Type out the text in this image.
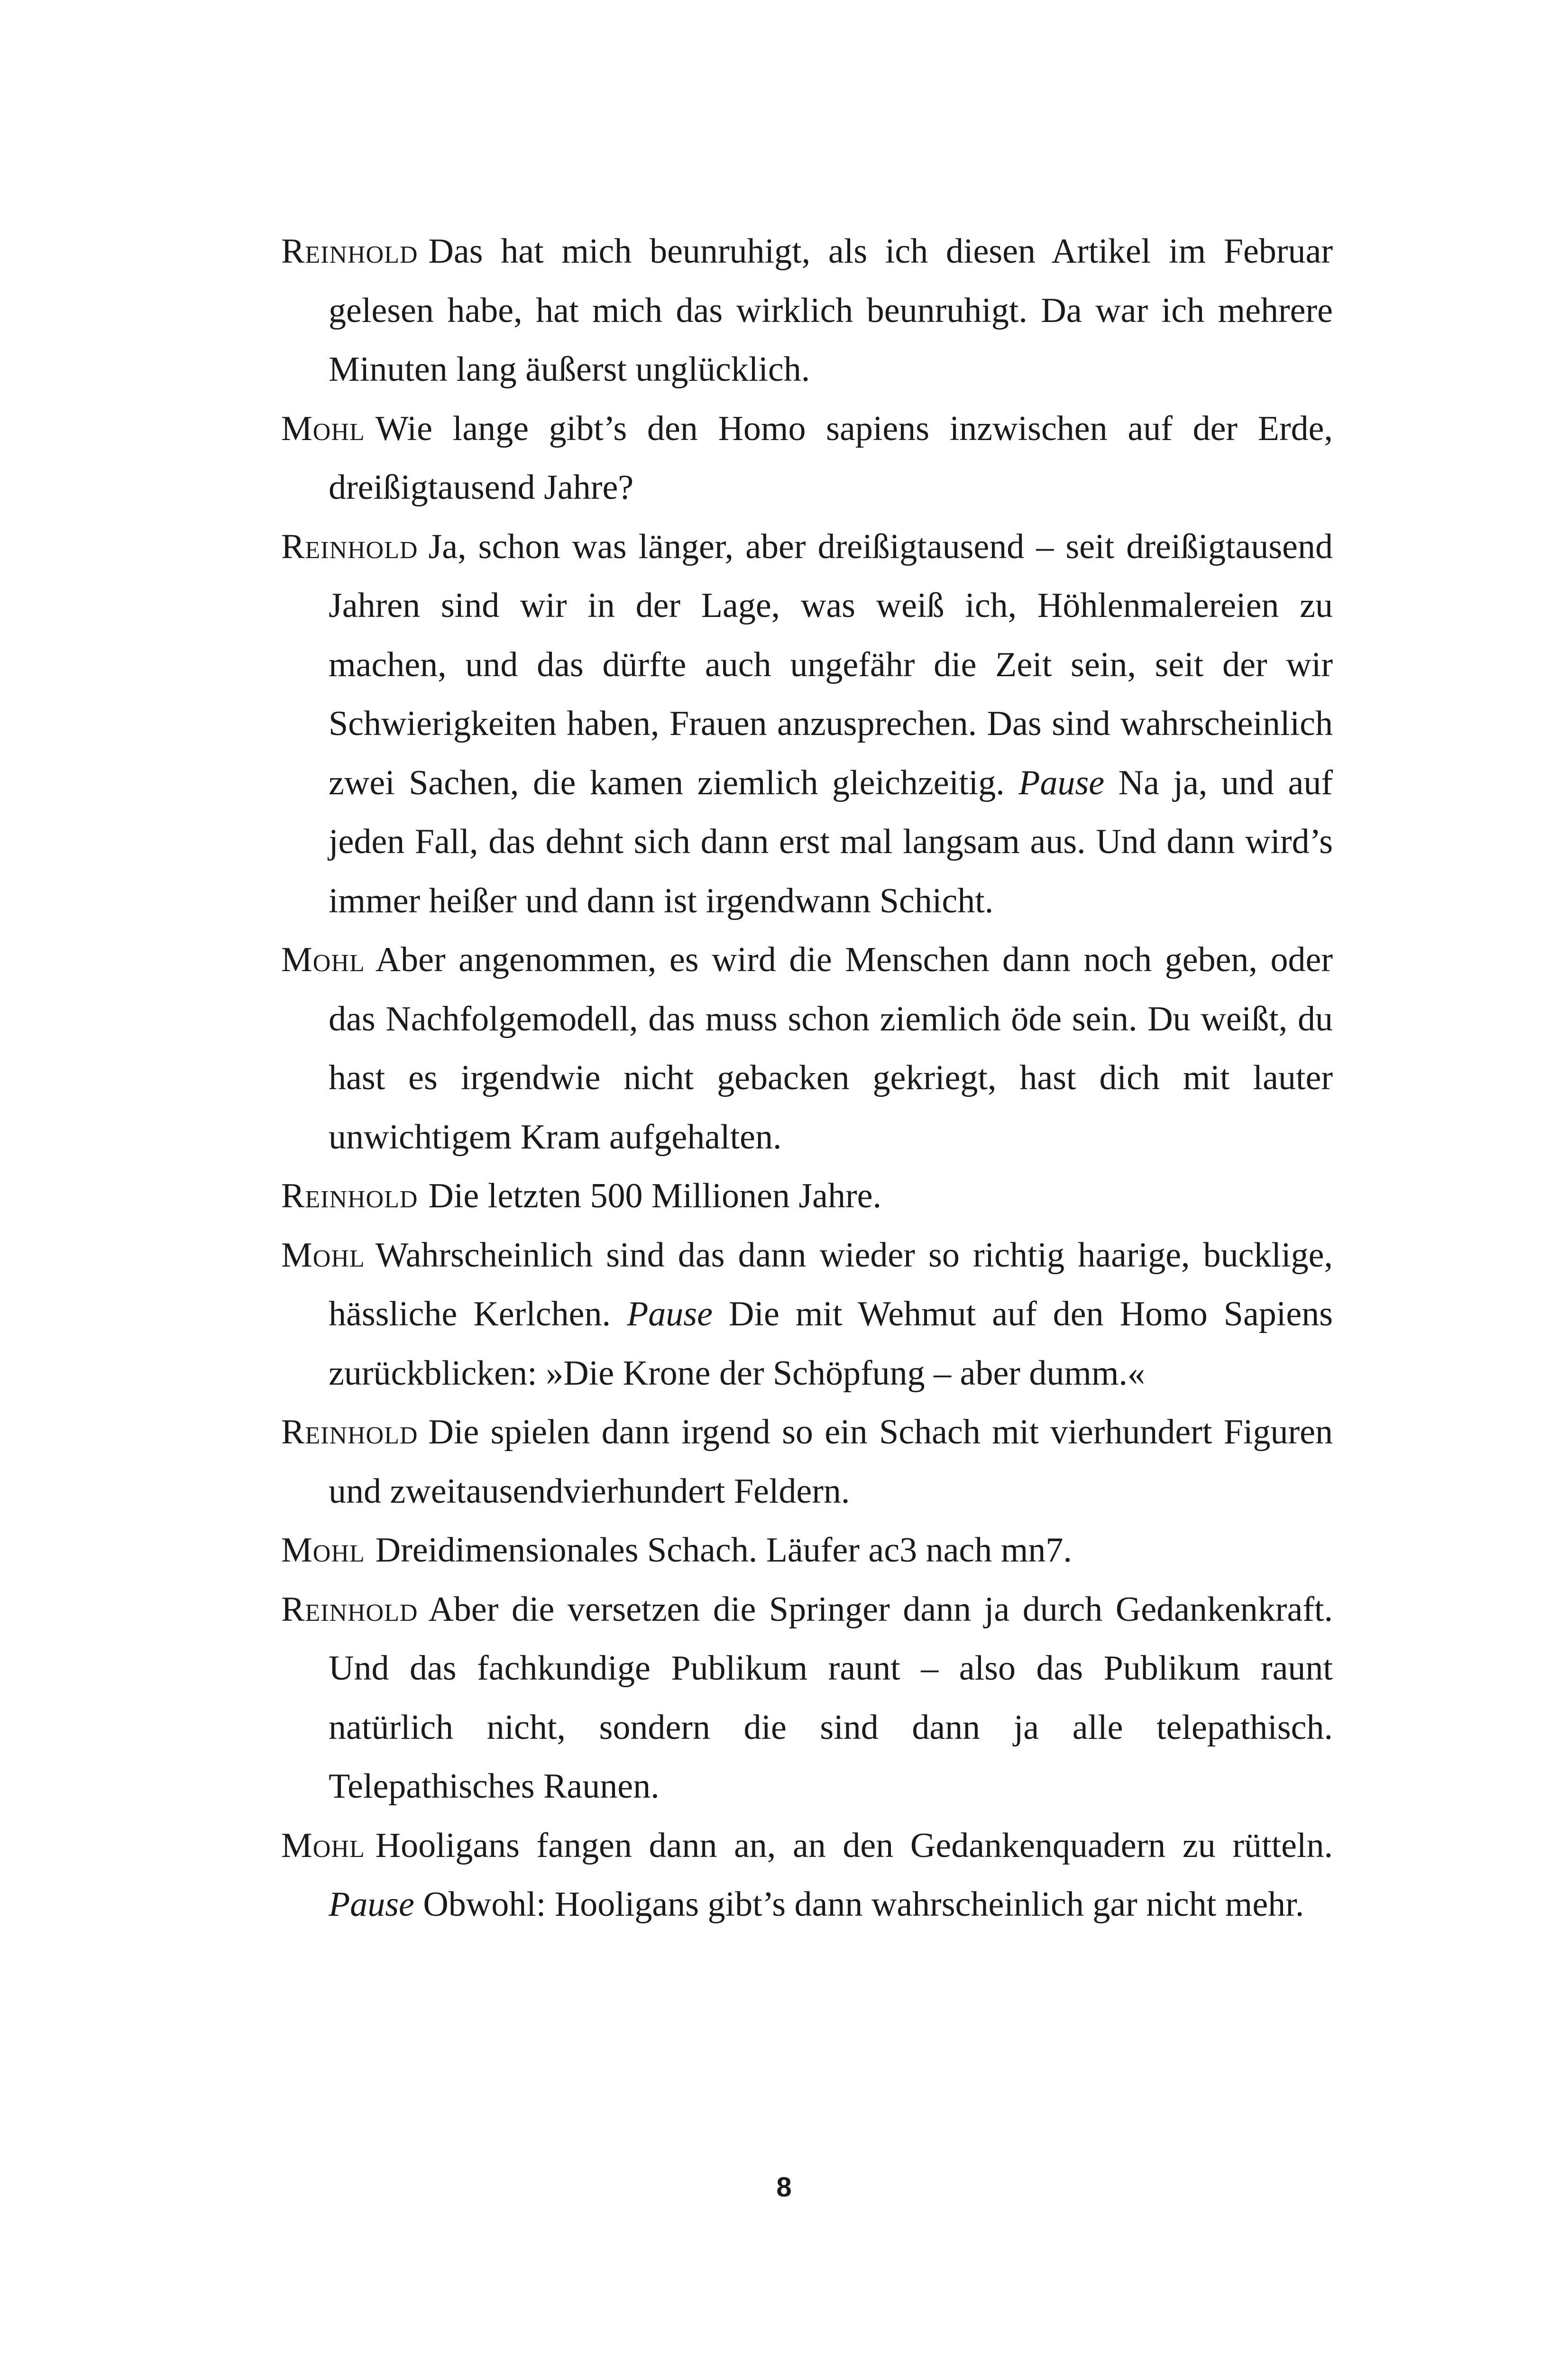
Reinhold Das hat mich beunruhigt, als ich diesen Artikel im Februar gelesen habe, hat mich das wirklich beunruhigt. Da war ich mehrere Minuten lang äußerst unglücklich.

Mohl Wie lange gibt’s den Homo sapiens inzwischen auf der Erde, dreißigtausend Jahre?

Reinhold Ja, schon was länger, aber dreißigtausend – seit dreißigtausend Jahren sind wir in der Lage, was weiß ich, Höhlenmalereien zu machen, und das dürfte auch ungefähr die Zeit sein, seit der wir Schwierigkeiten haben, Frauen anzusprechen. Das sind wahrscheinlich zwei Sachen, die kamen ziemlich gleichzeitig. Pause Na ja, und auf jeden Fall, das dehnt sich dann erst mal langsam aus. Und dann wird’s immer heißer und dann ist irgendwann Schicht.

Mohl Aber angenommen, es wird die Menschen dann noch geben, oder das Nachfolgemodell, das muss schon ziemlich öde sein. Du weißt, du hast es irgendwie nicht gebacken gekriegt, hast dich mit lauter unwichtigem Kram aufgehalten.

Reinhold Die letzten 500 Millionen Jahre.

Mohl Wahrscheinlich sind das dann wieder so richtig haarige, bucklige, hässliche Kerlchen. Pause Die mit Wehmut auf den Homo Sapiens zurückblicken: »Die Krone der Schöpfung – aber dumm.«

Reinhold Die spielen dann irgend so ein Schach mit vierhundert Figuren und zweitausendvierhundert Feldern.

Mohl Dreidimensionales Schach. Läufer ac3 nach mn7.

Reinhold Aber die versetzen die Springer dann ja durch Gedankenkraft. Und das fachkundige Publikum raunt – also das Publikum raunt natürlich nicht, sondern die sind dann ja alle telepathisch. Telepathisches Raunen.

Mohl Hooligans fangen dann an, an den Gedankenquadern zu rütteln. Pause Obwohl: Hooligans gibt’s dann wahrscheinlich gar nicht mehr.

8
